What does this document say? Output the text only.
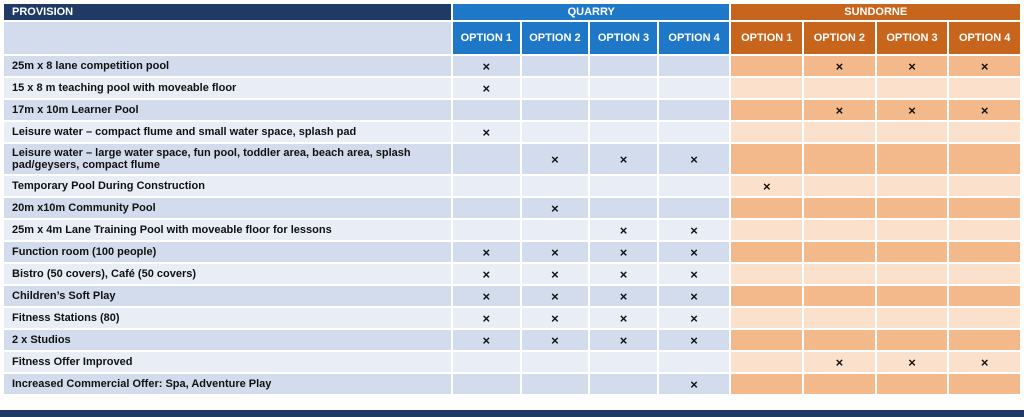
PROVISION	QUARRY				SUNDORNE			
	OPTION 1	OPTION 2	OPTION 3	OPTION 4	OPTION 1	OPTION 2	OPTION 3	OPTION 4
25m x 8 lane competition pool	×					×	×	×
15 x 8 m teaching pool with moveable floor	×							
17m x 10m Learner Pool						×	×	×
Leisure water – compact flume and small water space, splash pad	×							
Leisure water – large water space, fun pool, toddler area, beach area, splash pad/geysers, compact flume		×	×	×				
Temporary Pool During Construction					×			
20m x10m Community Pool		×						
25m x 4m Lane Training Pool with moveable floor for lessons			×	×				
Function room (100 people)	×	×	×	×				
Bistro (50 covers), Café (50 covers)	×	×	×	×				
Children’s Soft Play	×	×	×	×				
Fitness Stations (80)	×	×	×	×				
2 x Studios	×	×	×	×				
Fitness Offer Improved						×	×	×
Increased Commercial Offer: Spa, Adventure Play				×				
